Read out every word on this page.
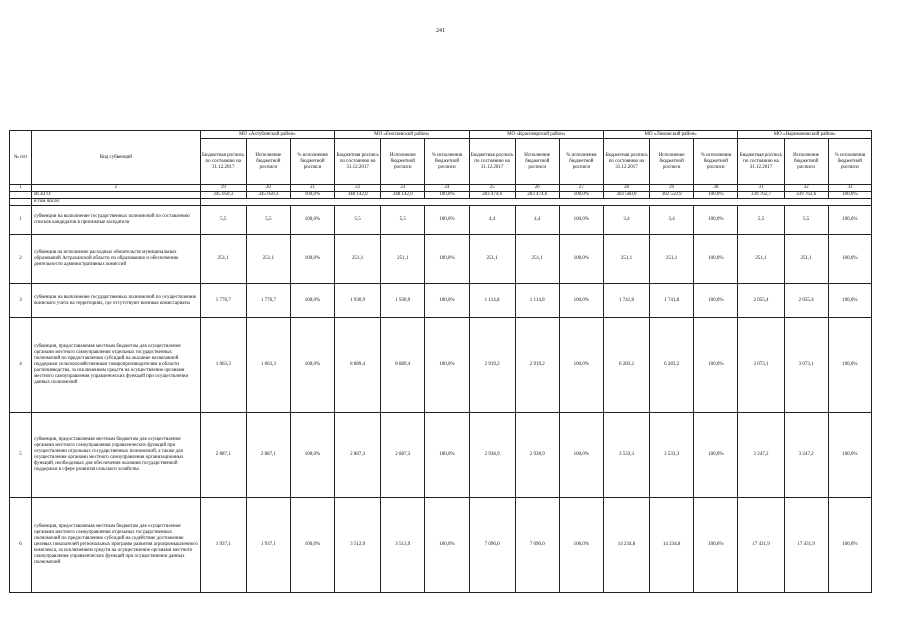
241
№ п/п	Вид субвенций	МО «Ахтубинский район»			МО «Енотаевский район»			МО «Красноярский район»			МО «Лиманский район»			МО «Наримановский район»		
		Бюджетная роспись по состоянию на 31.12.2017	Исполнение бюджетной росписи	% исполнения бюджетной росписи	Бюджетная роспись по состоянию на 31.12.2017	Исполнение бюджетной росписи	% исполнения бюджетной росписи	Бюджетная роспись по состоянию на 31.12.2017	Исполнение бюджетной росписи	% исполнения бюджетной росписи	Бюджетная роспись по состоянию на 31.12.2017	Исполнение бюджетной росписи	% исполнения бюджетной росписи	Бюджетная роспись по состоянию на 31.12.2017	Исполнение бюджетной росписи	% исполнения бюджетной росписи
1	2	19	20	21	22	23	24	25	26	27	28	29	30	31	32	33
	ВСЕГО:	345 050,3	345 050,3	100,0%	348 142,0	348 142,0	100,0%	283 474,6	283 474,6	100,0%	302 560,0	302 559,9	100,0%	339 762,7	339 762,6	100,0%
	в том числе:															
1	субвенции на выполнение государственных полномочий по составлению списков кандидатов в присяжные заседатели	5,5	5,5	100,0%	5,5	5,5	100,0%	4,4	4,4	100,0%	3,4	3,4	100,0%	5,5	5,5	100,0%
2	субвенция на исполнение расходных обязательств муниципальных образований Астраханской области по образованию и обеспечению деятельности административных комиссий	251,1	251,1	100,0%	251,1	251,1	100,0%	251,1	251,1	100,0%	251,1	251,1	100,0%	251,1	251,1	100,0%
3	субвенции на выполнение государственных полномочий по осуществлению воинского учета на территориях, где отсутствуют военные комиссариаты	1 776,7	1 776,7	100,0%	1 930,9	1 930,9	100,0%	1 114,8	1 114,8	100,0%	1 741,8	1 741,8	100,0%	2 055,4	2 055,4	100,0%
4	субвенция, предоставляемая местным бюджетам для осуществления органами местного самоуправления отдельных государственных полномочий по предоставлению субсидий на оказание несвязанной поддержки сельскохозяйственным товаропроизводителям в области растениеводства, за исключением средств на осуществление органами местного самоуправления управленческих функций при осуществлении данных полномочий	1 063,3	1 063,3	100,0%	8 889,4	8 889,4	100,0%	2 919,2	2 919,2	100,0%	6 283,2	6 283,2	100,0%	3 073,1	3 073,1	100,0%
5	субвенция, предоставляемая местным бюджетам для осуществления органами местного самоуправления управленческих функций при осуществлении отдельных государственных полномочий, а также для осуществления органами местного самоуправления организационных функций, необходимых для обеспечения оказания государственной поддержки в сфере развития сельского хозяйства	2 887,1	2 887,1	100,0%	2 887,3	2 887,3	100,0%	2 938,9	2 938,9	100,0%	3 533,3	3 533,3	100,0%	3 247,2	3 247,2	100,0%
6	субвенция, предоставляемая местным бюджетам для осуществления органами местного самоуправления отдельных государственных полномочий по предоставлению субсидий на содействие достижению целевых показателей региональных программ развития агропромышленного комплекса, за исключением средств на осуществление органами местного самоуправления управленческих функций при осуществлении данных полномочий	1 937,1	1 937,1	100,0%	3 512,9	3 513,9	100,0%	7 096,0	7 096,0	100,0%	14 234,8	14 234,8	100,0%	17 431,9	17 431,9	100,0%
